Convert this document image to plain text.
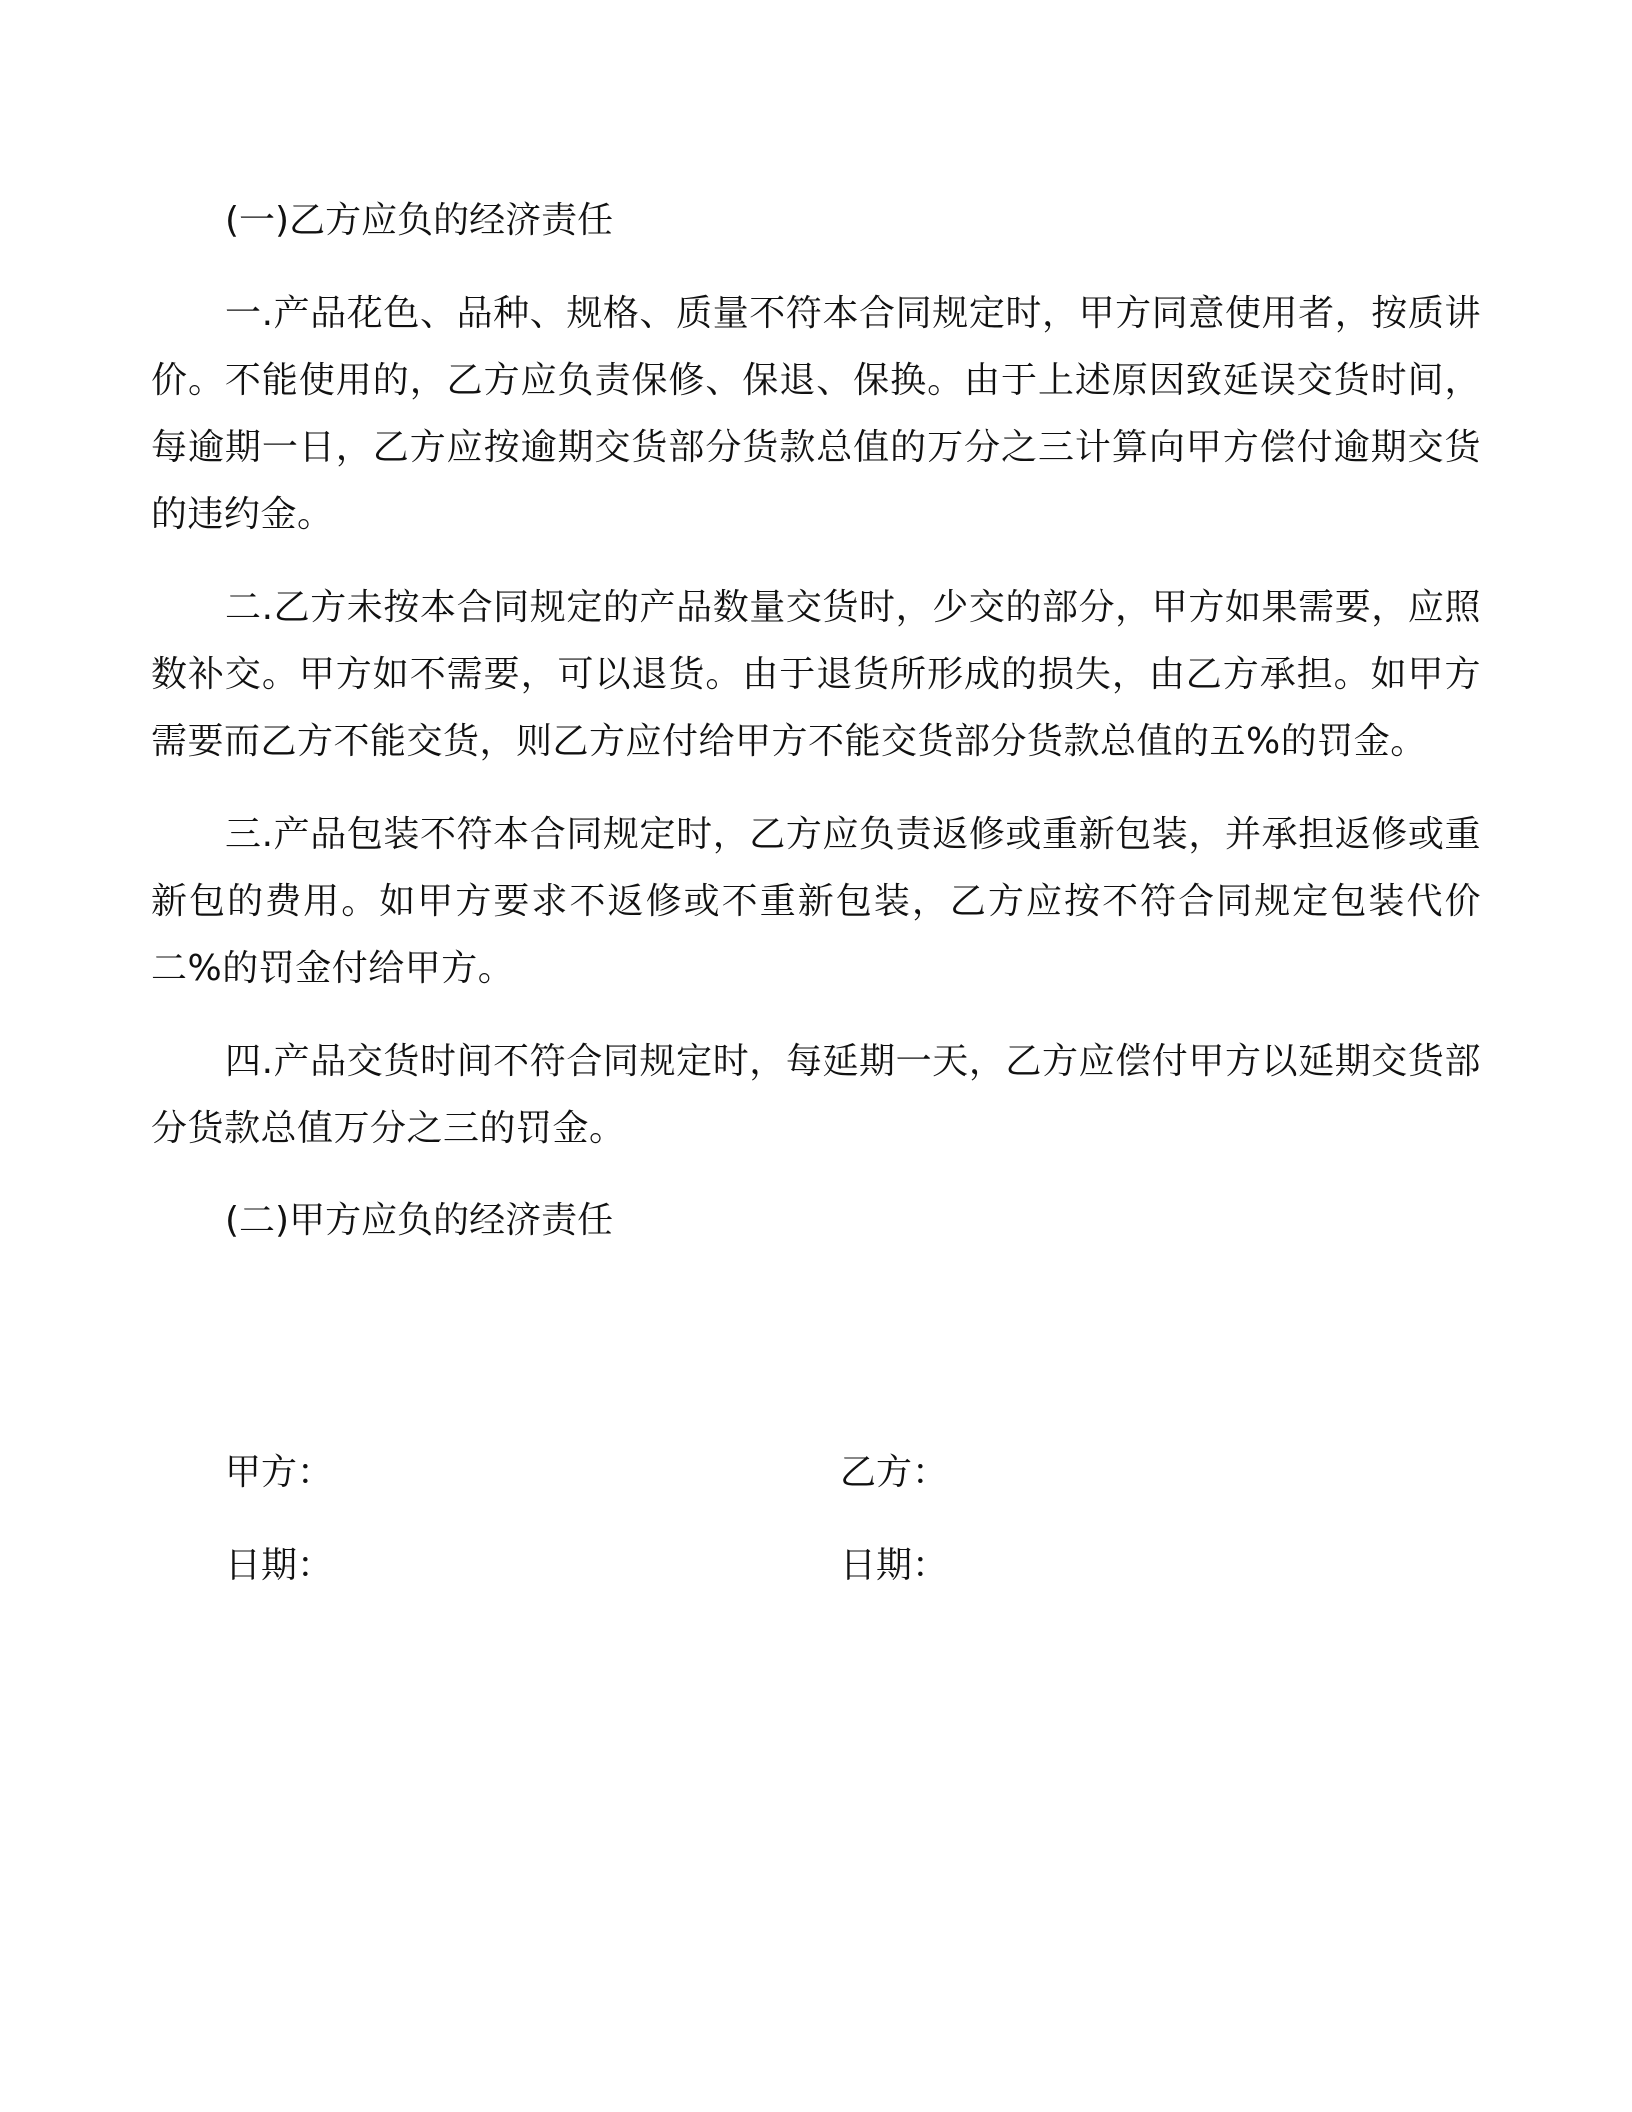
(一)乙方应负的经济责任
一.产品花色、品种、规格、质量不符本合同规定时，甲方同意使用者，按质讲价。不能使用的，乙方应负责保修、保退、保换。由于上述原因致延误交货时间，每逾期一日，乙方应按逾期交货部分货款总值的万分之三计算向甲方偿付逾期交货的违约金。
二.乙方未按本合同规定的产品数量交货时，少交的部分，甲方如果需要，应照数补交。甲方如不需要，可以退货。由于退货所形成的损失，由乙方承担。如甲方需要而乙方不能交货，则乙方应付给甲方不能交货部分货款总值的五%的罚金。
三.产品包装不符本合同规定时，乙方应负责返修或重新包装，并承担返修或重新包的费用。如甲方要求不返修或不重新包装，乙方应按不符合同规定包装代价二%的罚金付给甲方。
四.产品交货时间不符合同规定时，每延期一天，乙方应偿付甲方以延期交货部分货款总值万分之三的罚金。
(二)甲方应负的经济责任
甲方：	乙方：
日期：	日期：
